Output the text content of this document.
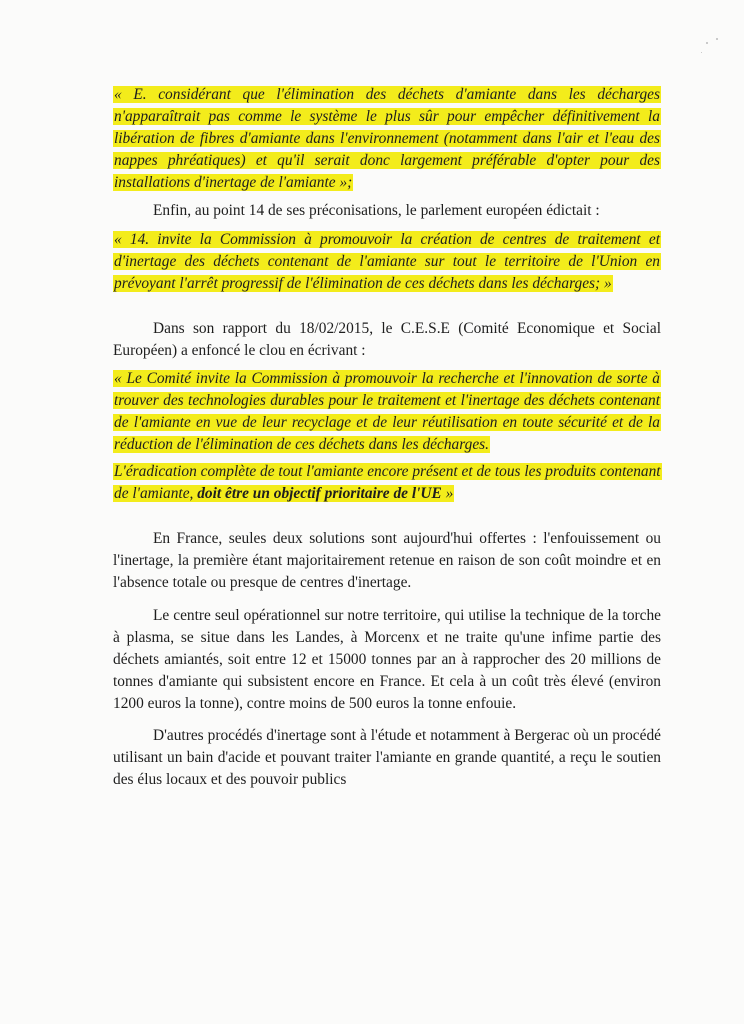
« E. considérant que l'élimination des déchets d'amiante dans les décharges n'apparaîtrait pas comme le système le plus sûr pour empêcher définitivement la libération de fibres d'amiante dans l'environnement (notamment dans l'air et l'eau des nappes phréatiques) et qu'il serait donc largement préférable d'opter pour des installations d'inertage de l'amiante »;

Enfin, au point 14 de ses préconisations, le parlement européen édictait :

« 14. invite la Commission à promouvoir la création de centres de traitement et d'inertage des déchets contenant de l'amiante sur tout le territoire de l'Union en prévoyant l'arrêt progressif de l'élimination de ces déchets dans les décharges; »

Dans son rapport du 18/02/2015, le C.E.S.E (Comité Economique et Social Européen) a enfoncé le clou en écrivant :

« Le Comité invite la Commission à promouvoir la recherche et l'innovation de sorte à trouver des technologies durables pour le traitement et l'inertage des déchets contenant de l'amiante en vue de leur recyclage et de leur réutilisation en toute sécurité et de la réduction de l'élimination de ces déchets dans les décharges.

L'éradication complète de tout l'amiante encore présent et de tous les produits contenant de l'amiante, doit être un objectif prioritaire de l'UE »

En France, seules deux solutions sont aujourd'hui offertes : l'enfouissement ou l'inertage, la première étant majoritairement retenue en raison de son coût moindre et en l'absence totale ou presque de centres d'inertage.

Le centre seul opérationnel sur notre territoire, qui utilise la technique de la torche à plasma, se situe dans les Landes, à Morcenx et ne traite qu'une infime partie des déchets amiantés, soit entre 12 et 15000 tonnes par an à rapprocher des 20 millions de tonnes d'amiante qui subsistent encore en France. Et cela à un coût très élevé (environ 1200 euros la tonne), contre moins de 500 euros la tonne enfouie.

D'autres procédés d'inertage sont à l'étude et notamment à Bergerac où un procédé utilisant un bain d'acide et pouvant traiter l'amiante en grande quantité, a reçu le soutien des élus locaux et des pouvoir publics
